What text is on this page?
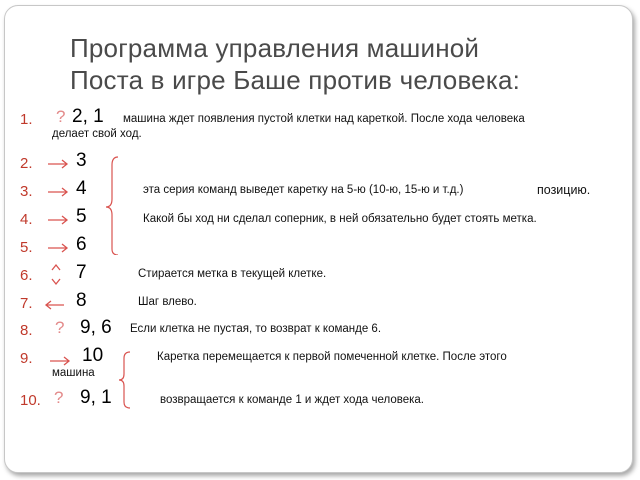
Программа управления машиной
Поста в игре Баше против человека:
1. ? 2, 1 машина ждет появления пустой клетки над кареткой. После хода человека
делает свой ход.
2. 3
3. 4	эта серия команд выведет каретку на 5-ю (10-ю, 15-ю и т.д.)	позицию.
4. 5	Какой бы ход ни сделал соперник, в ней обязательно будет стоять метка.
5. 6
6. 7	Стирается метка в текущей клетке.
7. 8	Шаг влево.
8. ? 9, 6 Если клетка не пустая, то возврат к команде 6.
9.	10	Каретка перемещается к первой помеченной клетке. После этого
машина
10. ? 9, 1	возвращается к команде 1 и ждет хода человека.
